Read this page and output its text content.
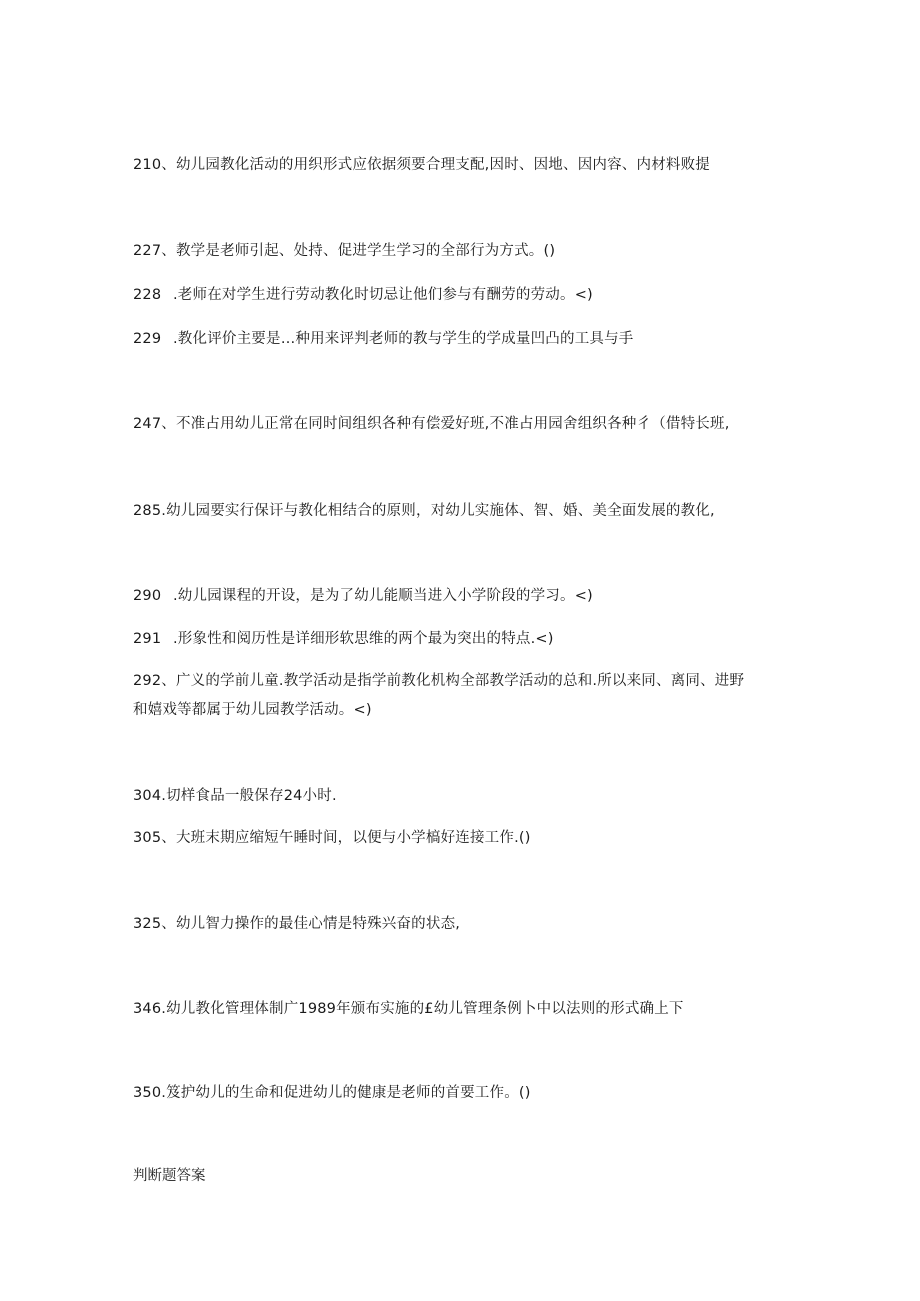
210、幼儿园教化活动的用织形式应依据须要合理支配,因时、因地、因内容、内材料败提
227、教学是老师引起、处持、促进学生学习的全部行为方式。()
228 .老师在对学生进行劳动教化时切忌让他们参与有酬劳的劳动。<)
229 .教化评价主要是…种用来评判老师的教与学生的学成量凹凸的工具与手
247、不准占用幼儿正常在同时间组织各种有偿爱好班,不准占用园舍组织各种彳（借特长班,
285.幼儿园要实行保讦与教化相结合的原则，对幼儿实施体、智、婚、美全面发展的教化,
290 .幼儿园课程的开设，是为了幼儿能顺当进入小学阶段的学习。<)
291 .形象性和阅历性是详细形软思维的两个最为突出的特点.<)
292、广义的学前儿童.教学活动是指学前教化机构全部教学活动的总和.所以来同、离同、进野
和嬉戏等都属于幼儿园教学活动。<)
304.切样食品一般保存24小时.
305、大班末期应缩短午睡时间，以便与小学槁好连接工作.()
325、幼儿智力操作的最佳心情是特殊兴奋的状态,
346.幼儿教化管理体制广1989年颁布实施的£幼儿管理条例卜中以法则的形式确上下
350.笈护幼儿的生命和促进幼儿的健康是老师的首要工作。()
判断题答案
